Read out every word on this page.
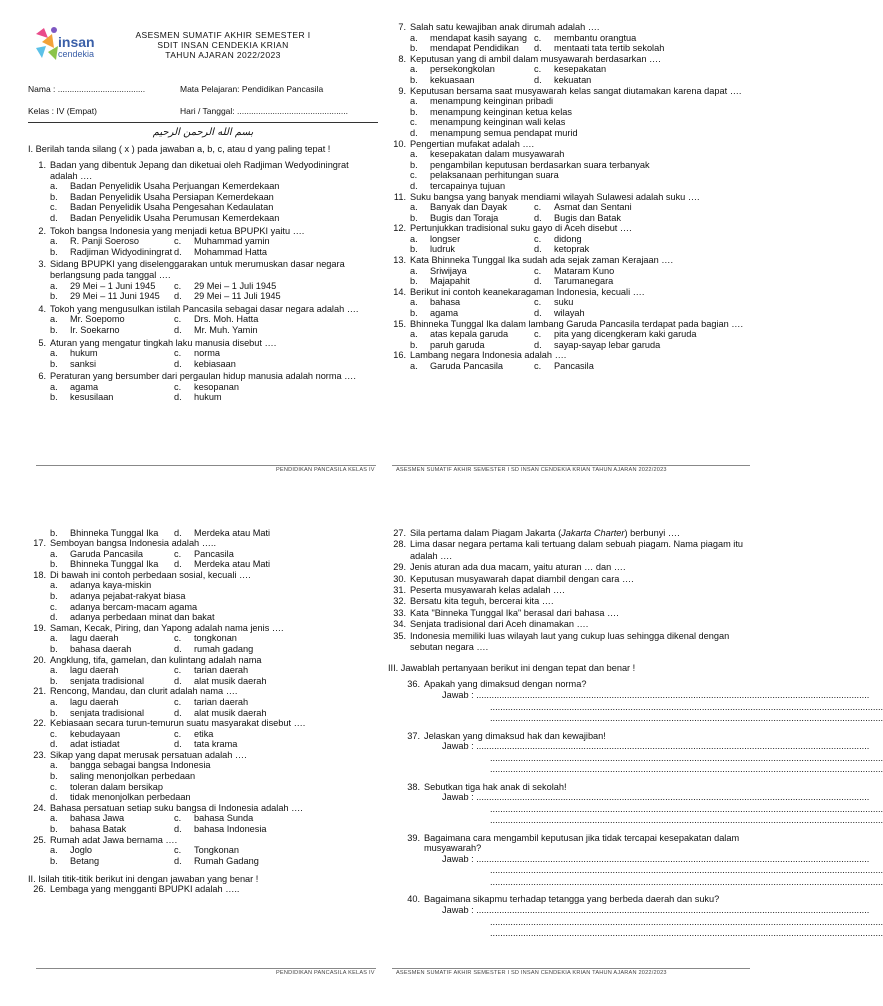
insan
cendekia
ASESMEN SUMATIF AKHIR SEMESTER I
SDIT INSAN CENDEKIA KRIAN
TAHUN AJARAN 2022/2023
Nama : .....................................	Mata Pelajaran: Pendidikan Pancasila
Kelas : IV (Empat)	Hari / Tanggal: ...............................................
بسم الله الرحمن الرحيم
I. Berilah tanda silang ( x ) pada jawaban a, b, c, atau d yang paling tepat !
1. Badan yang dibentuk Jepang dan diketuai oleh Radjiman Wedyodiningrat adalah ….
a.	Badan Penyelidik Usaha Perjuangan Kemerdekaan
b.	Badan Penyelidik Usaha Persiapan Kemerdekaan
c.	Badan Penyelidik Usaha Pengesahan Kedaulatan
d.	Badan Penyelidik Usaha Perumusan Kemerdekaan
2. Tokoh bangsa Indonesia yang menjadi ketua BPUPKI yaitu ….
a.	R. Panji Soeroso	c.	Muhammad yamin
b.	Radjiman Widyodiningrat d.	Mohammad Hatta
3. Sidang BPUPKI yang diselenggarakan untuk merumuskan dasar negara berlangsung pada tanggal ….
a.	29 Mei – 1 Juni 1945 c.	29 Mei – 1 Juli 1945
b.	29 Mei – 11 Juni 1945 d.	29 Mei – 11 Juli 1945
4. Tokoh yang mengusulkan istilah Pancasila sebagai dasar negara adalah ….
a.	Mr. Soepomo	c.	Drs. Moh. Hatta
b.	Ir. Soekarno	d.	Mr. Muh. Yamin
5. Aturan yang mengatur tingkah laku manusia disebut ….
a.	hukum	c.	norma
b.	sanksi	d.	kebiasaan
6. Peraturan yang bersumber dari pergaulan hidup manusia adalah norma ….
a.	agama	c.	kesopanan
b.	kesusilaan	d.	hukum
7. Salah satu kewajiban anak dirumah adalah ….
a.	mendapat kasih sayang c.	membantu orangtua
b.	mendapat Pendidikan d.	mentaati tata tertib sekolah
8. Keputusan yang di ambil dalam musyawarah berdasarkan ….
a.	persekongkolan	c.	kesepakatan
b.	kekuasaan	d.	kekuatan
9. Keputusan bersama saat musyawarah kelas sangat diutamakan karena dapat ….
a.	menampung keinginan pribadi
b.	menampung keinginan ketua kelas
c.	menampung keinginan wali kelas
d.	menampung semua pendapat murid
10. Pengertian mufakat adalah ….
a.	kesepakatan dalam musyawarah
b.	pengambilan keputusan berdasarkan suara terbanyak
c.	pelaksanaan perhitungan suara
d.	tercapainya tujuan
11. Suku bangsa yang banyak mendiami wilayah Sulawesi adalah suku ….
a.	Banyak dan Dayak	c.	Asmat dan Sentani
b.	Bugis dan Toraja	d.	Bugis dan Batak
12. Pertunjukkan tradisional suku gayo di Aceh disebut ….
a.	longser	c.	didong
b.	ludruk	d.	ketoprak
13. Kata Bhinneka Tunggal Ika sudah ada sejak zaman Kerajaan ….
a.	Sriwijaya	c.	Mataram Kuno
b.	Majapahit	d.	Tarumanegara
14. Berikut ini contoh keanekaragaman Indonesia, kecuali ….
a.	bahasa	c.	suku
b.	agama	d.	wilayah
15. Bhinneka Tunggal Ika dalam lambang Garuda Pancasila terdapat pada bagian ….
a.	atas kepala garuda	c.	pita yang dicengkeram kaki garuda
b.	paruh garuda	d.	sayap-sayap lebar garuda
16. Lambang negara Indonesia adalah ….
a.	Garuda Pancasila	c.	Pancasila
PENDIDIKAN PANCASILA KELAS IV	ASESMEN SUMATIF AKHIR SEMESTER I SD INSAN CENDEKIA KRIAN TAHUN AJARAN 2022/2023
b.	Bhinneka Tunggal Ika d.	Merdeka atau Mati
17. Semboyan bangsa Indonesia adalah …..
a.	Garuda Pancasila	c.	Pancasila
b.	Bhinneka Tunggal Ika d.	Merdeka atau Mati
18. Di bawah ini contoh perbedaan sosial, kecuali ….
a.	adanya kaya-miskin
b.	adanya pejabat-rakyat biasa
c.	adanya bercam-macam agama
d.	adanya perbedaan minat dan bakat
19. Saman, Kecak, Piring, dan Yapong adalah nama jenis ….
a.	lagu daerah	c.	tongkonan
b.	bahasa daerah	d.	rumah gadang
20. Angklung, tifa, gamelan, dan kulintang adalah nama
a.	lagu daerah	c.	tarian daerah
b.	senjata tradisional	d.	alat musik daerah
21. Rencong, Mandau, dan clurit adalah nama ….
a.	lagu daerah	c.	tarian daerah
b.	senjata tradisional	d.	alat musik daerah
22. Kebiasaan secara turun-temurun suatu masyarakat disebut ….
c.	kebudayaan	c.	etika
d.	adat istiadat	d.	tata krama
23. Sikap yang dapat merusak persatuan adalah ….
a.	bangga sebagai bangsa Indonesia
b.	saling menonjolkan perbedaan
c.	toleran dalam bersikap
d.	tidak menonjolkan perbedaan
24. Bahasa persatuan setiap suku bangsa di Indonesia adalah ….
a.	bahasa Jawa	c.	bahasa Sunda
b.	bahasa Batak	d.	bahasa Indonesia
25. Rumah adat Jawa bernama ….
a.	Joglo	c.	Tongkonan
b.	Betang	d.	Rumah Gadang
II. Isilah titik-titik berikut ini dengan jawaban yang benar !
26. Lembaga yang mengganti BPUPKI adalah …..
27. Sila pertama dalam Piagam Jakarta (Jakarta Charter) berbunyi ….
28. Lima dasar negara pertama kali tertuang dalam sebuah piagam. Nama piagam itu adalah ….
29. Jenis aturan ada dua macam, yaitu aturan … dan ….
30. Keputusan musyawarah dapat diambil dengan cara ….
31. Peserta musyawarah kelas adalah ….
32. Bersatu kita teguh, bercerai kita ….
33. Kata "Binneka Tunggal Ika" berasal dari bahasa ….
34. Senjata tradisional dari Aceh dinamakan ….
35. Indonesia memiliki luas wilayah laut yang cukup luas sehingga dikenal dengan sebutan negara ….
III. Jawablah pertanyaan berikut ini dengan tepat dan benar !
36. Apakah yang dimaksud dengan norma?
Jawab : ..........................................................................................................................................................
..........................................................................................................................................................
..........................................................................................................................................................
37. Jelaskan yang dimaksud hak dan kewajiban!
Jawab : ..........................................................................................................................................................
..........................................................................................................................................................
..........................................................................................................................................................
38. Sebutkan tiga hak anak di sekolah!
Jawab : ..........................................................................................................................................................
..........................................................................................................................................................
..........................................................................................................................................................
39. Bagaimana cara mengambil keputusan jika tidak tercapai kesepakatan dalam musyawarah?
Jawab : ..........................................................................................................................................................
..........................................................................................................................................................
..........................................................................................................................................................
40. Bagaimana sikapmu terhadap tetangga yang berbeda daerah dan suku?
Jawab : ..........................................................................................................................................................
..........................................................................................................................................................
..........................................................................................................................................................
PENDIDIKAN PANCASILA KELAS IV	ASESMEN SUMATIF AKHIR SEMESTER I SD INSAN CENDEKIA KRIAN TAHUN AJARAN 2022/2023
